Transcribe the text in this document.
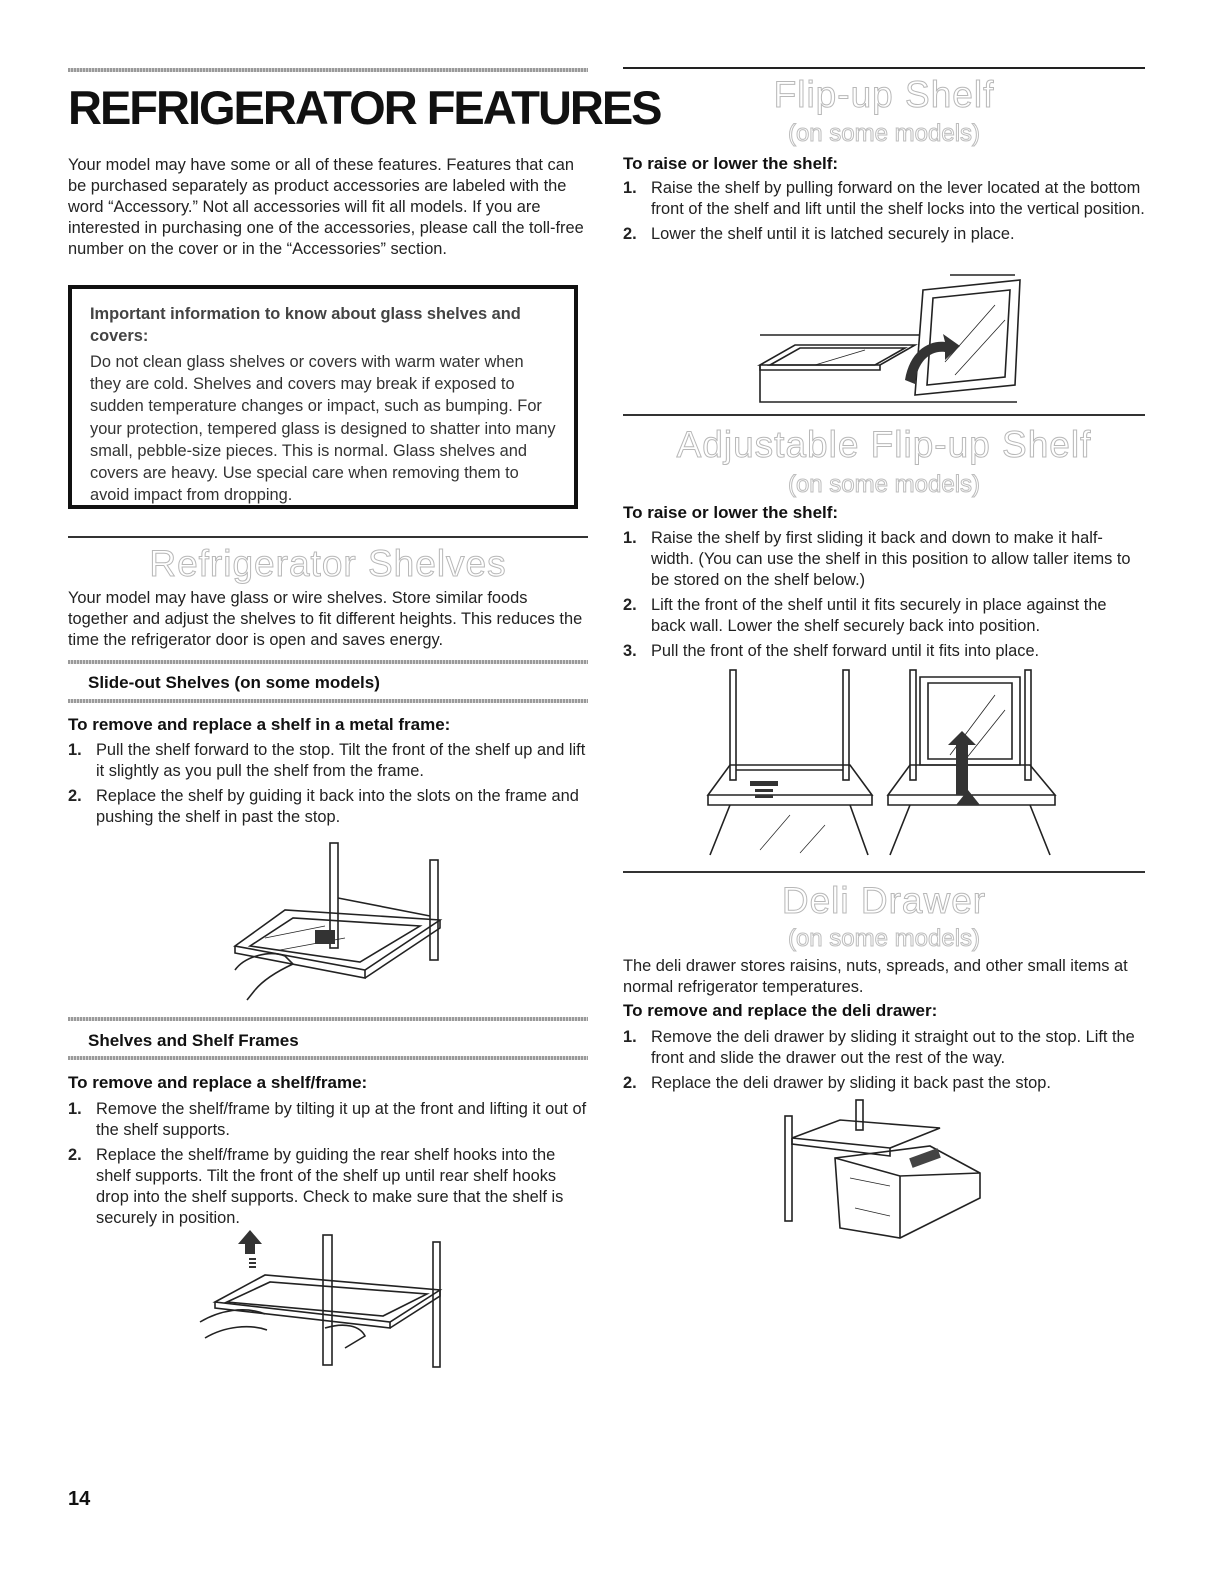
REFRIGERATOR FEATURES

Your model may have some or all of these features. Features that can be purchased separately as product accessories are labeled with the word “Accessory.” Not all accessories will fit all models. If you are interested in purchasing one of the accessories, please call the toll-free number on the cover or in the “Accessories” section.

Important information to know about glass shelves and covers:

Do not clean glass shelves or covers with warm water when they are cold. Shelves and covers may break if exposed to sudden temperature changes or impact, such as bumping. For your protection, tempered glass is designed to shatter into many small, pebble-size pieces. This is normal. Glass shelves and covers are heavy. Use special care when removing them to avoid impact from dropping.

Refrigerator Shelves

Your model may have glass or wire shelves. Store similar foods together and adjust the shelves to fit different heights. This reduces the time the refrigerator door is open and saves energy.

Slide-out Shelves (on some models)

To remove and replace a shelf in a metal frame:

1. Pull the shelf forward to the stop. Tilt the front of the shelf up and lift it slightly as you pull the shelf from the frame.
2. Replace the shelf by guiding it back into the slots on the frame and pushing the shelf in past the stop.

Shelves and Shelf Frames

To remove and replace a shelf/frame:

1. Remove the shelf/frame by tilting it up at the front and lifting it out of the shelf supports.
2. Replace the shelf/frame by guiding the rear shelf hooks into the shelf supports. Tilt the front of the shelf up until rear shelf hooks drop into the shelf supports. Check to make sure that the shelf is securely in position.

14

Flip-up Shelf

(on some models)

To raise or lower the shelf:

1. Raise the shelf by pulling forward on the lever located at the bottom front of the shelf and lift until the shelf locks into the vertical position.
2. Lower the shelf until it is latched securely in place.
Adjustable Flip-up Shelf

(on some models)

To raise or lower the shelf:

1. Raise the shelf by first sliding it back and down to make it half-width. (You can use the shelf in this position to allow taller items to be stored on the shelf below.)
2. Lift the front of the shelf until it fits securely in place against the back wall. Lower the shelf securely back into position.
3. Pull the front of the shelf forward until it fits into place.
Deli Drawer

(on some models)

The deli drawer stores raisins, nuts, spreads, and other small items at normal refrigerator temperatures.

To remove and replace the deli drawer:

1. Remove the deli drawer by sliding it straight out to the stop. Lift the front and slide the drawer out the rest of the way.
2. Replace the deli drawer by sliding it back past the stop.
